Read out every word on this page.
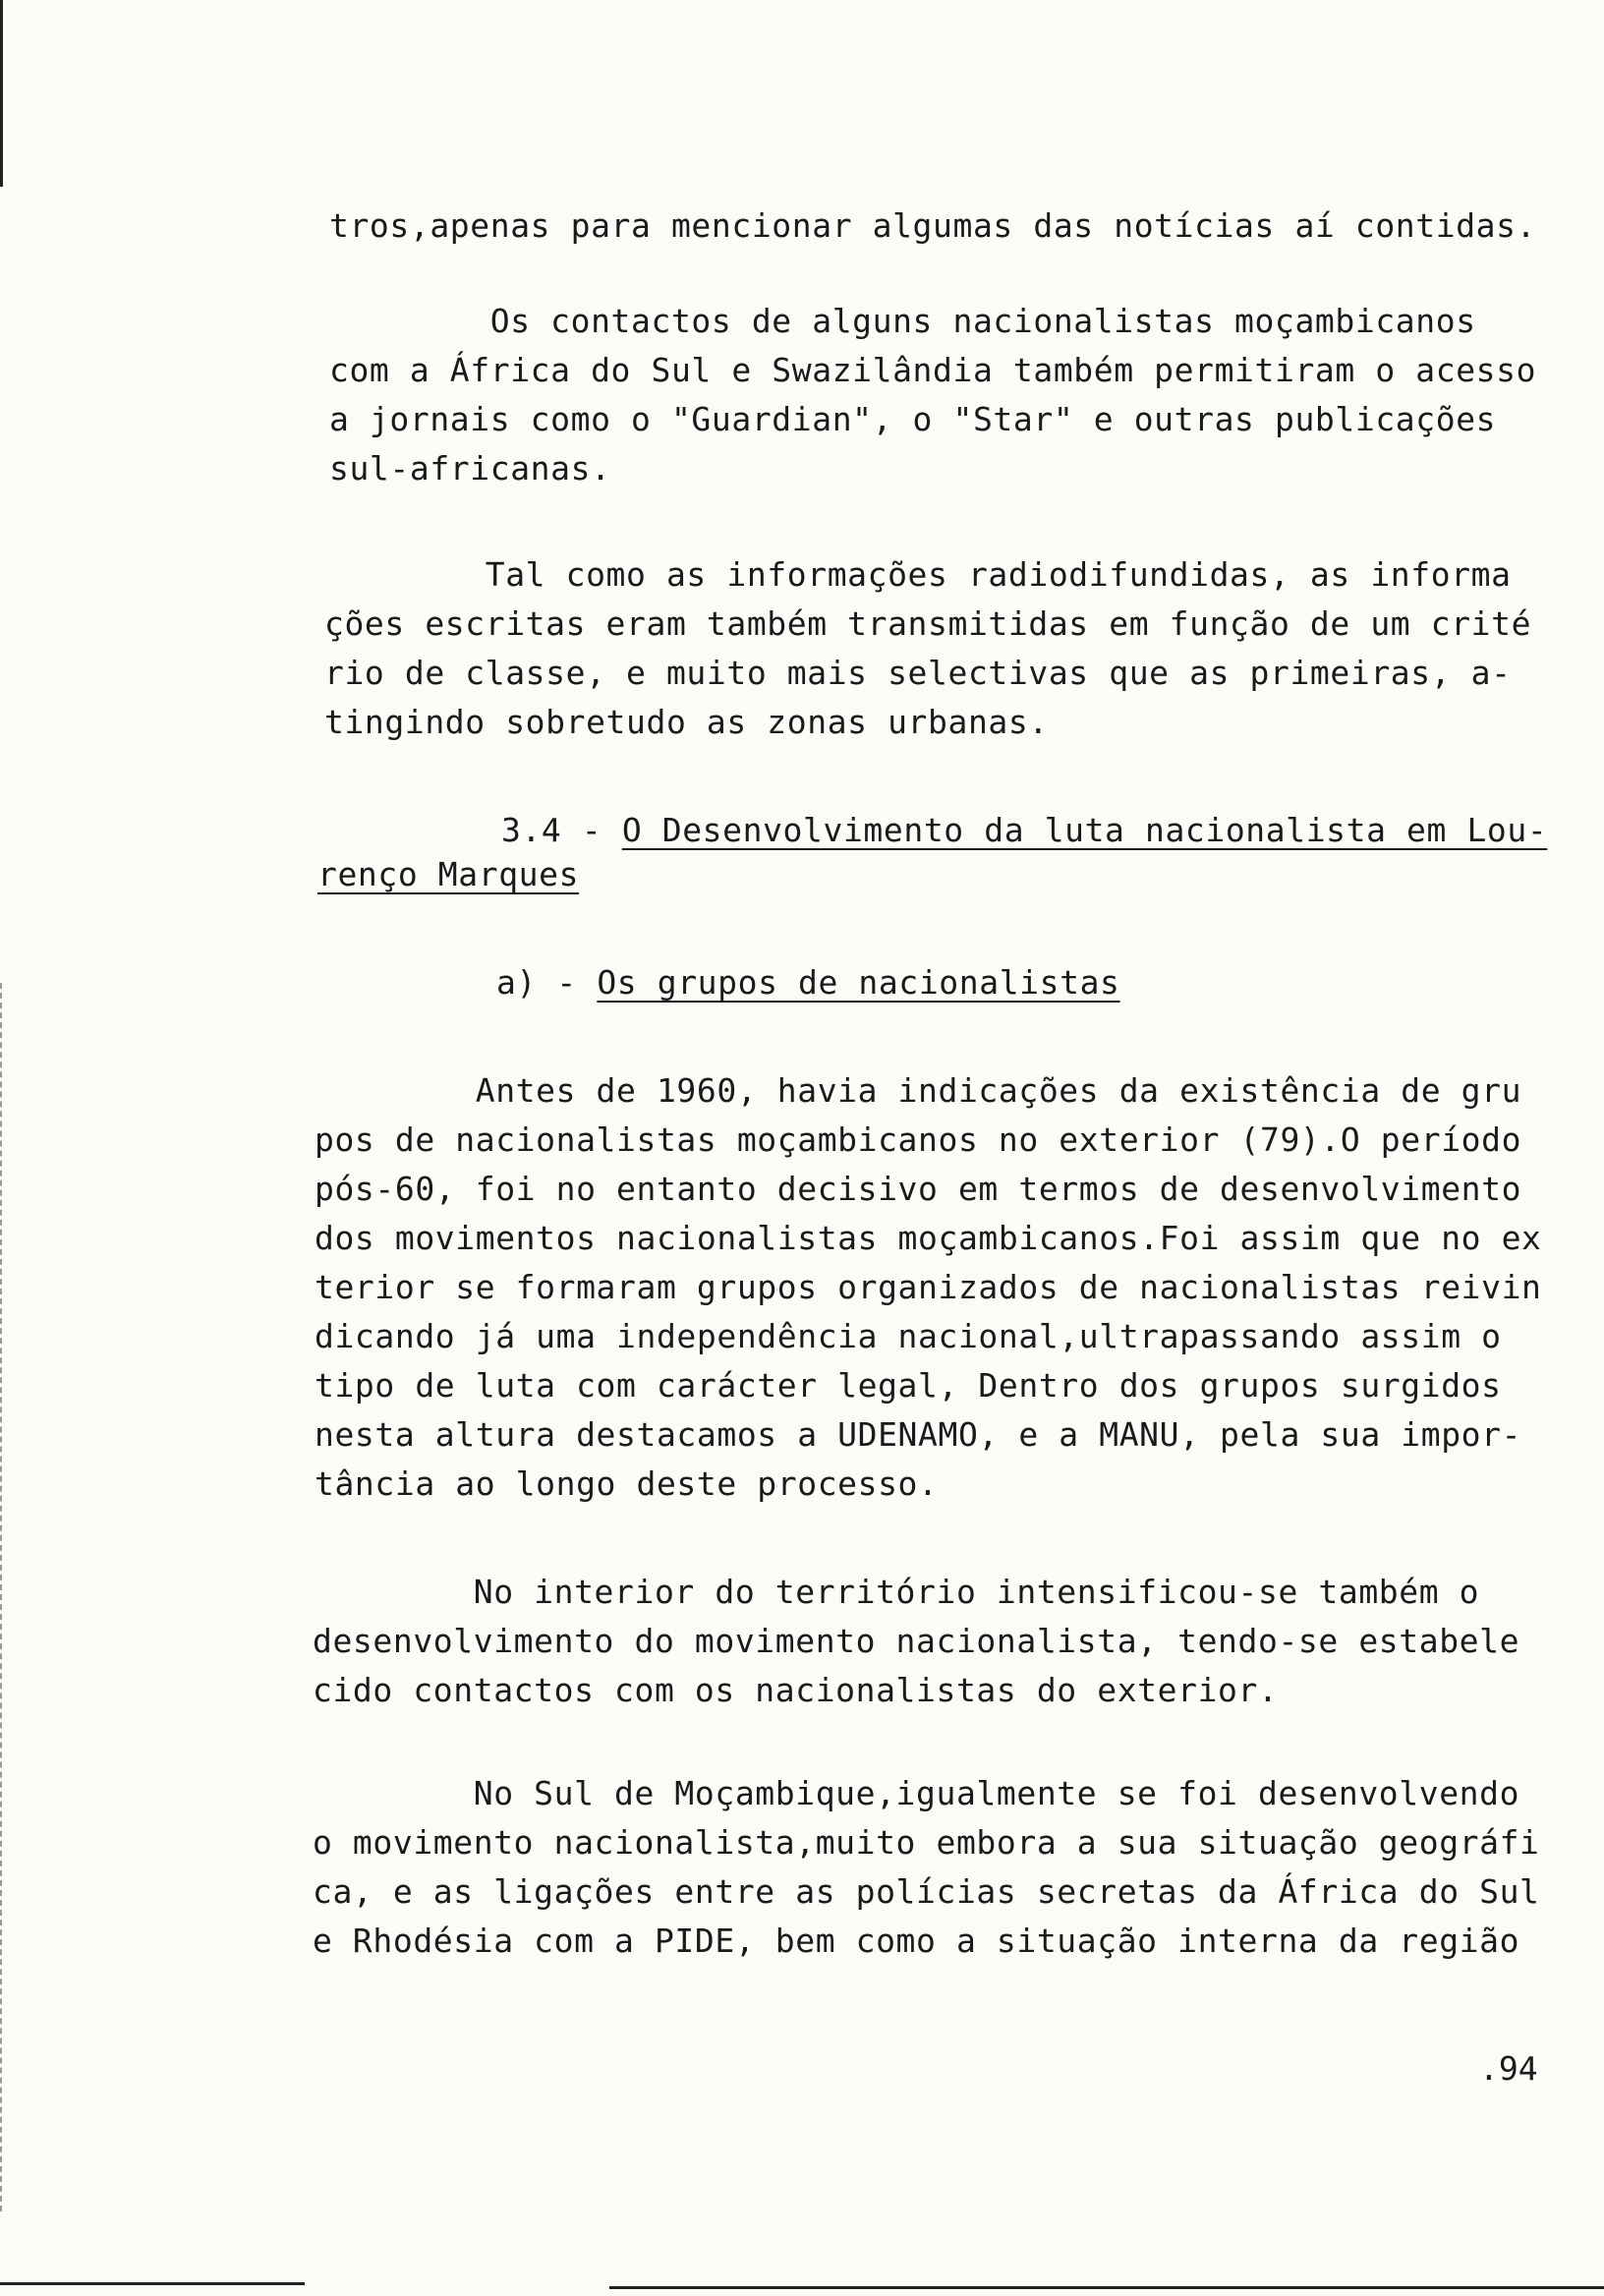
tros,apenas para mencionar algumas das notícias aí contidas.
Os contactos de alguns nacionalistas moçambicanos
com a África do Sul e Swazilândia também permitiram o acesso
a jornais como o "Guardian", o "Star" e outras publicações
sul-africanas.
Tal como as informações radiodifundidas, as informa
ções escritas eram também transmitidas em função de um crité
rio de classe, e muito mais selectivas que as primeiras, a-
tingindo sobretudo as zonas urbanas.
3.4 - O Desenvolvimento da luta nacionalista em Lou-
renço Marques
a) - Os grupos de nacionalistas
Antes de 1960, havia indicações da existência de gru
pos de nacionalistas moçambicanos no exterior (79).O período
pós-60, foi no entanto decisivo em termos de desenvolvimento
dos movimentos nacionalistas moçambicanos.Foi assim que no ex
terior se formaram grupos organizados de nacionalistas reivin
dicando já uma independência nacional,ultrapassando assim o
tipo de luta com carácter legal, Dentro dos grupos surgidos
nesta altura destacamos a UDENAMO, e a MANU, pela sua impor-
tância ao longo deste processo.
No interior do território intensificou-se também o
desenvolvimento do movimento nacionalista, tendo-se estabele
cido contactos com os nacionalistas do exterior.
No Sul de Moçambique,igualmente se foi desenvolvendo
o movimento nacionalista,muito embora a sua situação geográfi
ca, e as ligações entre as polícias secretas da África do Sul
e Rhodésia com a PIDE, bem como a situação interna da região
.94
